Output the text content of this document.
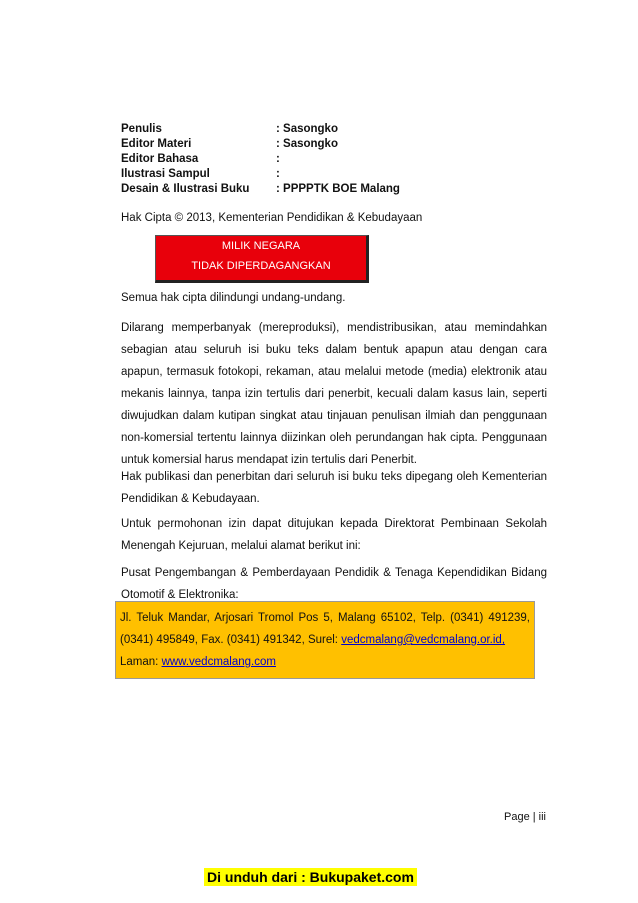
Penulis	: Sasongko
Editor Materi	: Sasongko
Editor Bahasa	:
Ilustrasi Sampul	:
Desain & Ilustrasi Buku	: PPPPTK BOE Malang
Hak Cipta © 2013, Kementerian Pendidikan & Kebudayaan
MILIK NEGARA
TIDAK DIPERDAGANGKAN
Semua hak cipta dilindungi undang-undang.
Dilarang memperbanyak (mereproduksi), mendistribusikan, atau memindahkan sebagian atau seluruh isi buku teks dalam bentuk apapun atau dengan cara apapun, termasuk fotokopi, rekaman, atau melalui metode (media) elektronik atau mekanis lainnya, tanpa izin tertulis dari penerbit, kecuali dalam kasus lain, seperti diwujudkan dalam kutipan singkat atau tinjauan penulisan ilmiah dan penggunaan non-komersial tertentu lainnya diizinkan oleh perundangan hak cipta. Penggunaan untuk komersial harus mendapat izin tertulis dari Penerbit.
Hak publikasi dan penerbitan dari seluruh isi buku teks dipegang oleh Kementerian Pendidikan & Kebudayaan.
Untuk permohonan izin dapat ditujukan kepada Direktorat Pembinaan Sekolah Menengah Kejuruan, melalui alamat berikut ini:
Pusat Pengembangan & Pemberdayaan Pendidik & Tenaga Kependidikan Bidang Otomotif & Elektronika:
Jl. Teluk Mandar, Arjosari Tromol Pos 5, Malang 65102, Telp. (0341) 491239, (0341) 495849, Fax. (0341) 491342, Surel: vedcmalang@vedcmalang.or.id,
Laman: www.vedcmalang.com
Page | iii
Di unduh dari : Bukupaket.com
